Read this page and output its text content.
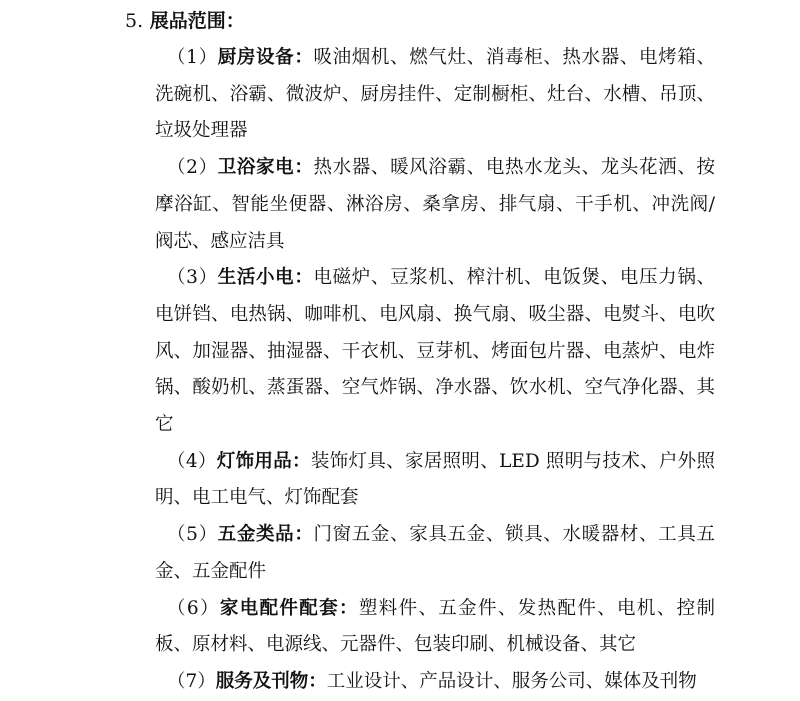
5. 展品范围：

（1）厨房设备：吸油烟机、燃气灶、消毒柜、热水器、电烤箱、洗碗机、浴霸、微波炉、厨房挂件、定制橱柜、灶台、水槽、吊顶、垃圾处理器

（2）卫浴家电：热水器、暖风浴霸、电热水龙头、龙头花洒、按摩浴缸、智能坐便器、淋浴房、桑拿房、排气扇、干手机、冲洗阀/阀芯、感应洁具

（3）生活小电：电磁炉、豆浆机、榨汁机、电饭煲、电压力锅、电饼铛、电热锅、咖啡机、电风扇、换气扇、吸尘器、电熨斗、电吹风、加湿器、抽湿器、干衣机、豆芽机、烤面包片器、电蒸炉、电炸锅、酸奶机、蒸蛋器、空气炸锅、净水器、饮水机、空气净化器、其它

（4）灯饰用品：装饰灯具、家居照明、LED 照明与技术、户外照明、电工电气、灯饰配套

（5）五金类品：门窗五金、家具五金、锁具、水暖器材、工具五金、五金配件

（6）家电配件配套：塑料件、五金件、发热配件、电机、控制板、原材料、电源线、元器件、包装印刷、机械设备、其它

（7）服务及刊物：工业设计、产品设计、服务公司、媒体及刊物
